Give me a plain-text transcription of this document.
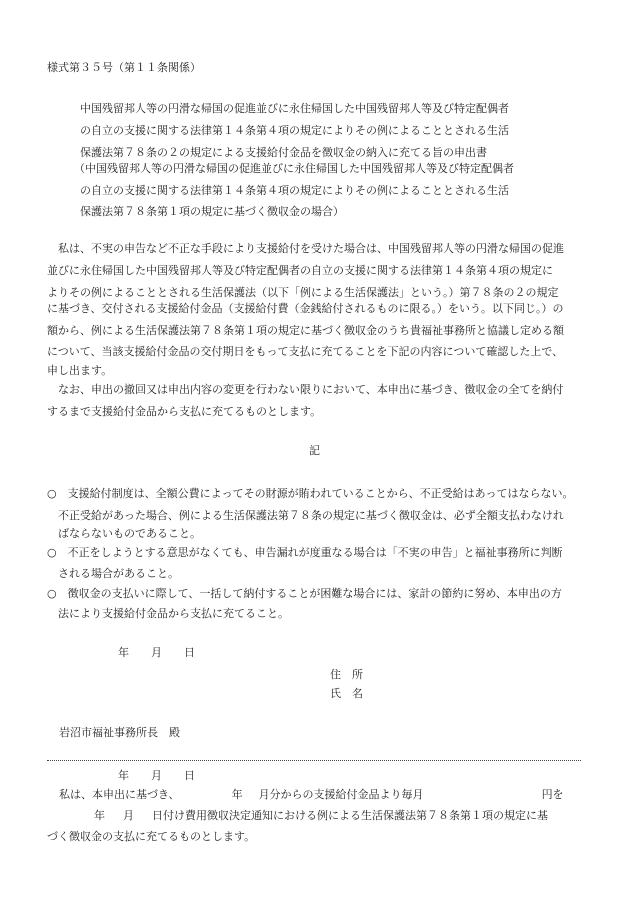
様式第３５号（第１１条関係）
中国残留邦人等の円滑な帰国の促進並びに永住帰国した中国残留邦人等及び特定配偶者
の自立の支援に関する法律第１４条第４項の規定によりその例によることとされる生活
保護法第７８条の２の規定による支援給付金品を徴収金の納入に充てる旨の申出書
（中国残留邦人等の円滑な帰国の促進並びに永住帰国した中国残留邦人等及び特定配偶者
の自立の支援に関する法律第１４条第４項の規定によりその例によることとされる生活
保護法第７８条第１項の規定に基づく徴収金の場合）
　私は、不実の申告など不正な手段により支援給付を受けた場合は、中国残留邦人等の円滑な帰国の促進
並びに永住帰国した中国残留邦人等及び特定配偶者の自立の支援に関する法律第１４条第４項の規定に
よりその例によることとされる生活保護法（以下「例による生活保護法」という。）第７８条の２の規定
に基づき、交付される支援給付金品（支援給付費（金銭給付されるものに限る。）をいう。以下同じ。）の
額から、例による生活保護法第７８条第１項の規定に基づく徴収金のうち貴福祉事務所と協議し定める額
について、当該支援給付金品の交付期日をもって支払に充てることを下記の内容について確認した上で、
申し出ます。
　なお、申出の撤回又は申出内容の変更を行わない限りにおいて、本申出に基づき、徴収金の全てを納付
するまで支援給付金品から支払に充てるものとします。
記
○　支援給付制度は、全額公費によってその財源が賄われていることから、不正受給はあってはならない。
　不正受給があった場合、例による生活保護法第７８条の規定に基づく徴収金は、必ず全額支払わなけれ
　ばならないものであること。
○　不正をしようとする意思がなくても、申告漏れが度重なる場合は「不実の申告」と福祉事務所に判断
　される場合があること。
○　徴収金の支払いに際して、一括して納付することが困難な場合には、家計の節約に努め、本申出の方
　法により支援給付金品から支払に充てること。
年 月 日
住　所
氏　名
岩沼市福祉事務所長　殿
年 月 日
私は、本申出に基づき、	年 月分からの支援給付金品より毎月	円を
年 月 日付け費用徴収決定通知における例による生活保護法第７８条第１項の規定に基
づく徴収金の支払に充てるものとします。
